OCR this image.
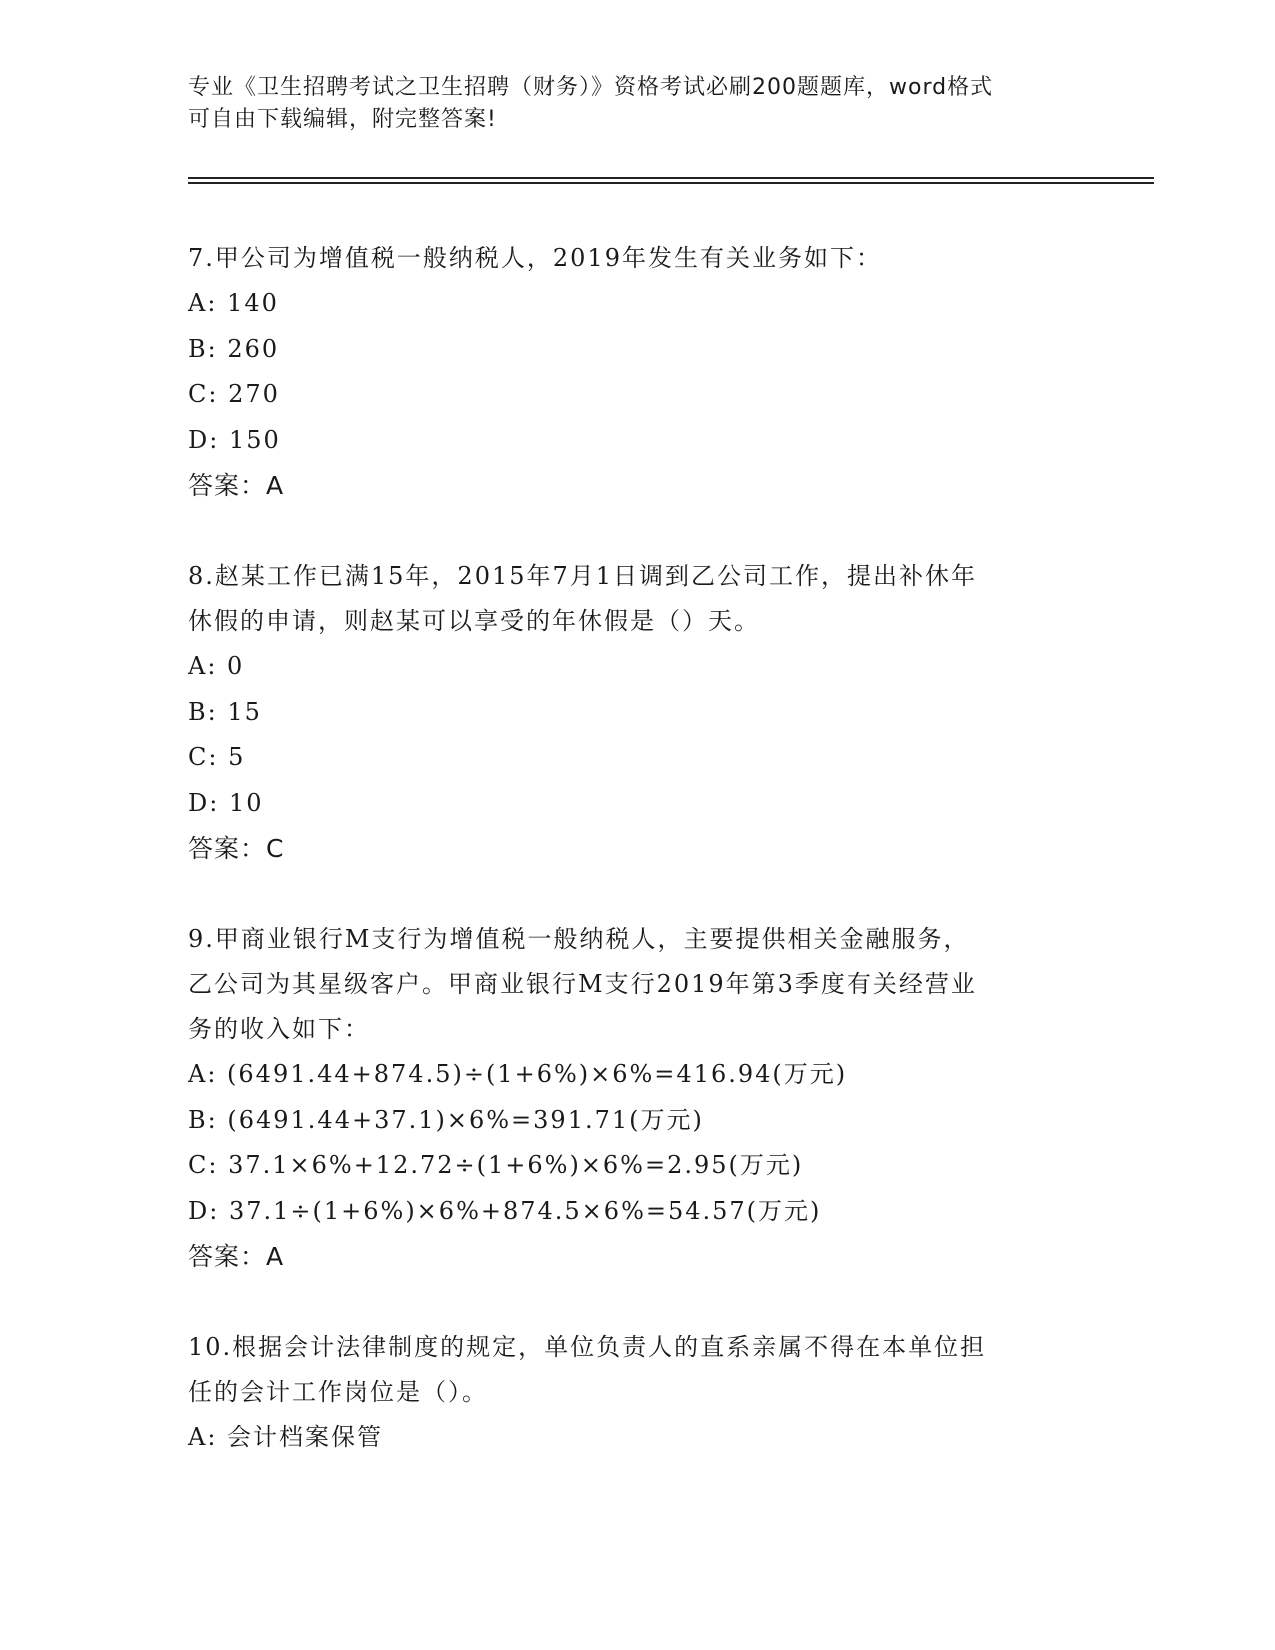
专业《卫生招聘考试之卫生招聘（财务）》资格考试必刷200题题库，word格式
可自由下载编辑，附完整答案!
7.甲公司为增值税一般纳税人，2019年发生有关业务如下：
A: 140
B: 260
C: 270
D: 150
答案：A
8.赵某工作已满15年，2015年7月1日调到乙公司工作，提出补休年
休假的申请，则赵某可以享受的年休假是（）天。
A: 0
B: 15
C: 5
D: 10
答案：C
9.甲商业银行M支行为增值税一般纳税人，主要提供相关金融服务，
乙公司为其星级客户。甲商业银行M支行2019年第3季度有关经营业
务的收入如下：
A: (6491.44+874.5)÷(1+6%)×6%=416.94(万元)
B: (6491.44+37.1)×6%=391.71(万元)
C: 37.1×6%+12.72÷(1+6%)×6%=2.95(万元)
D: 37.1÷(1+6%)×6%+874.5×6%=54.57(万元)
答案：A
10.根据会计法律制度的规定，单位负责人的直系亲属不得在本单位担
任的会计工作岗位是（）。
A: 会计档案保管
